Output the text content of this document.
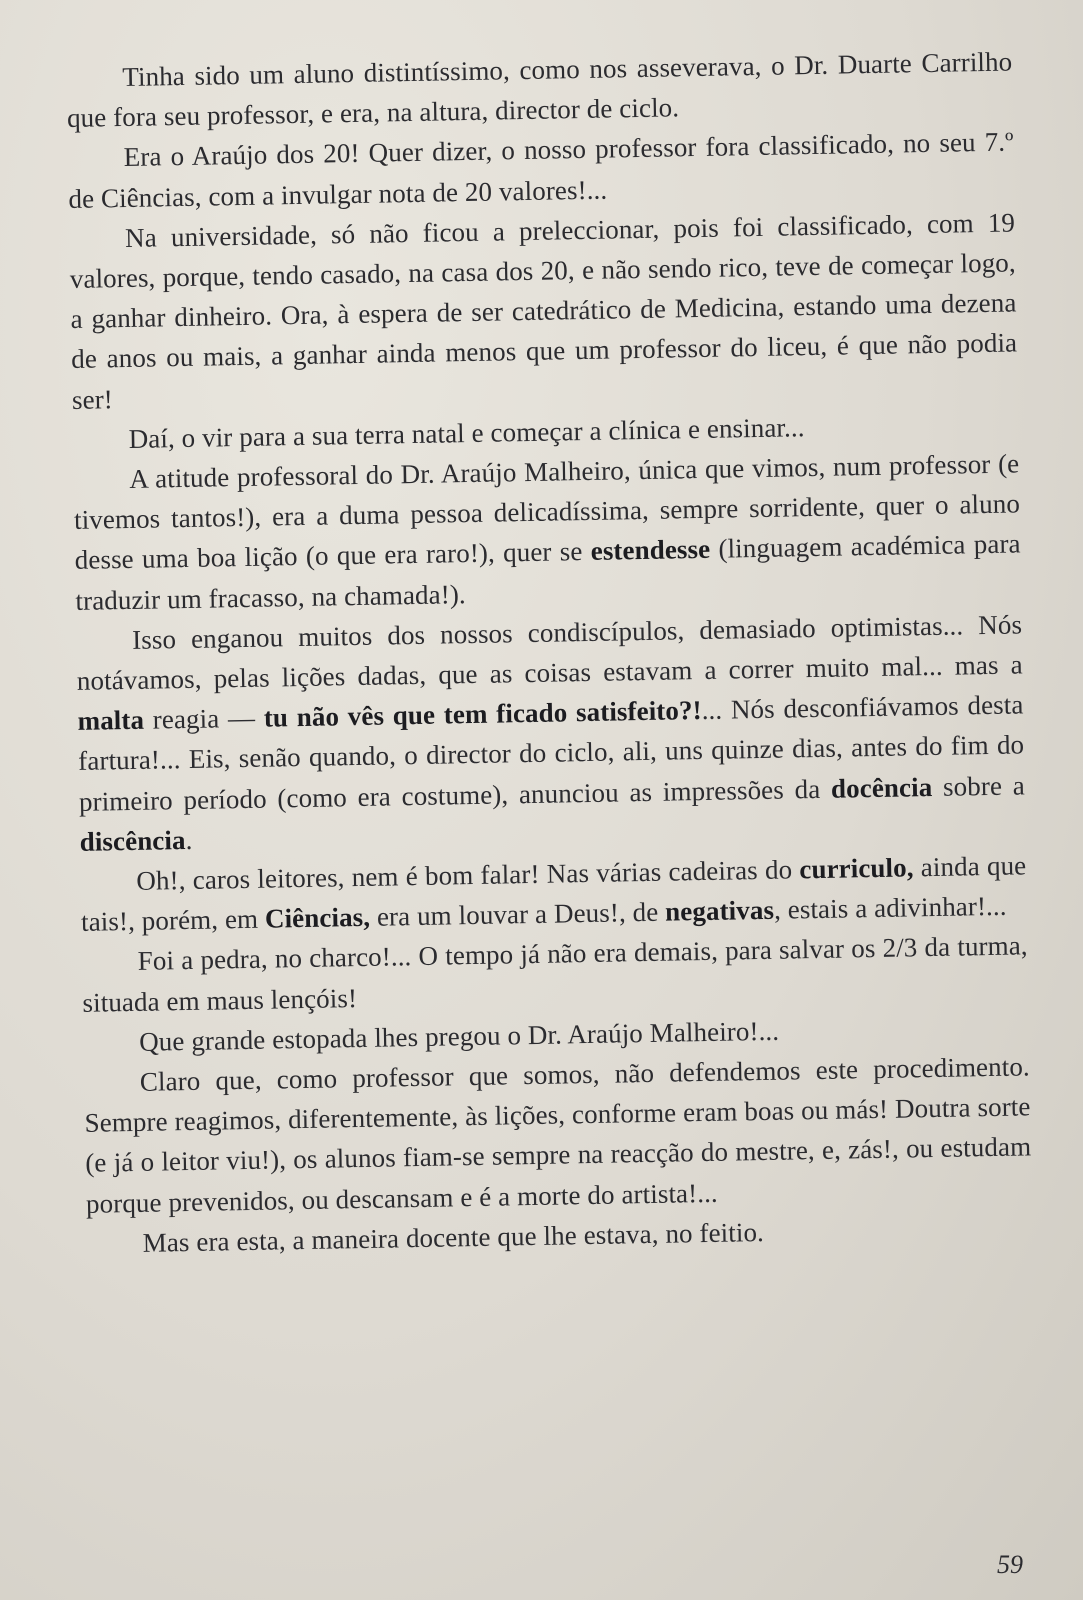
Tinha sido um aluno distintíssimo, como nos asseverava, o Dr. Duarte Carrilho que fora seu professor, e era, na altura, director de ciclo.

Era o Araújo dos 20! Quer dizer, o nosso professor fora classificado, no seu 7.º de Ciências, com a invulgar nota de 20 valores!...

Na universidade, só não ficou a preleccionar, pois foi classificado, com 19 valores, porque, tendo casado, na casa dos 20, e não sendo rico, teve de começar logo, a ganhar dinheiro. Ora, à espera de ser catedrático de Medicina, estando uma dezena de anos ou mais, a ganhar ainda menos que um professor do liceu, é que não podia ser!

Daí, o vir para a sua terra natal e começar a clínica e ensinar...

A atitude professoral do Dr. Araújo Malheiro, única que vimos, num professor (e tivemos tantos!), era a duma pessoa delicadíssima, sempre sorridente, quer o aluno desse uma boa lição (o que era raro!), quer se estendesse (linguagem académica para traduzir um fracasso, na chamada!).

Isso enganou muitos dos nossos condiscípulos, demasiado optimistas... Nós notávamos, pelas lições dadas, que as coisas estavam a correr muito mal... mas a malta reagia — tu não vês que tem ficado satisfeito?!... Nós desconfiávamos desta fartura!... Eis, senão quando, o director do ciclo, ali, uns quinze dias, antes do fim do primeiro período (como era costume), anunciou as impressões da docência sobre a discência.

Oh!, caros leitores, nem é bom falar! Nas várias cadeiras do curriculo, ainda que tais!, porém, em Ciências, era um louvar a Deus!, de negativas, estais a adivinhar!...

Foi a pedra, no charco!... O tempo já não era demais, para salvar os 2/3 da turma, situada em maus lençóis!

Que grande estopada lhes pregou o Dr. Araújo Malheiro!...

Claro que, como professor que somos, não defendemos este procedimento. Sempre reagimos, diferentemente, às lições, conforme eram boas ou más! Doutra sorte (e já o leitor viu!), os alunos fiam-se sempre na reacção do mestre, e, zás!, ou estudam porque prevenidos, ou descansam e é a morte do artista!...

Mas era esta, a maneira docente que lhe estava, no feitio.

59
